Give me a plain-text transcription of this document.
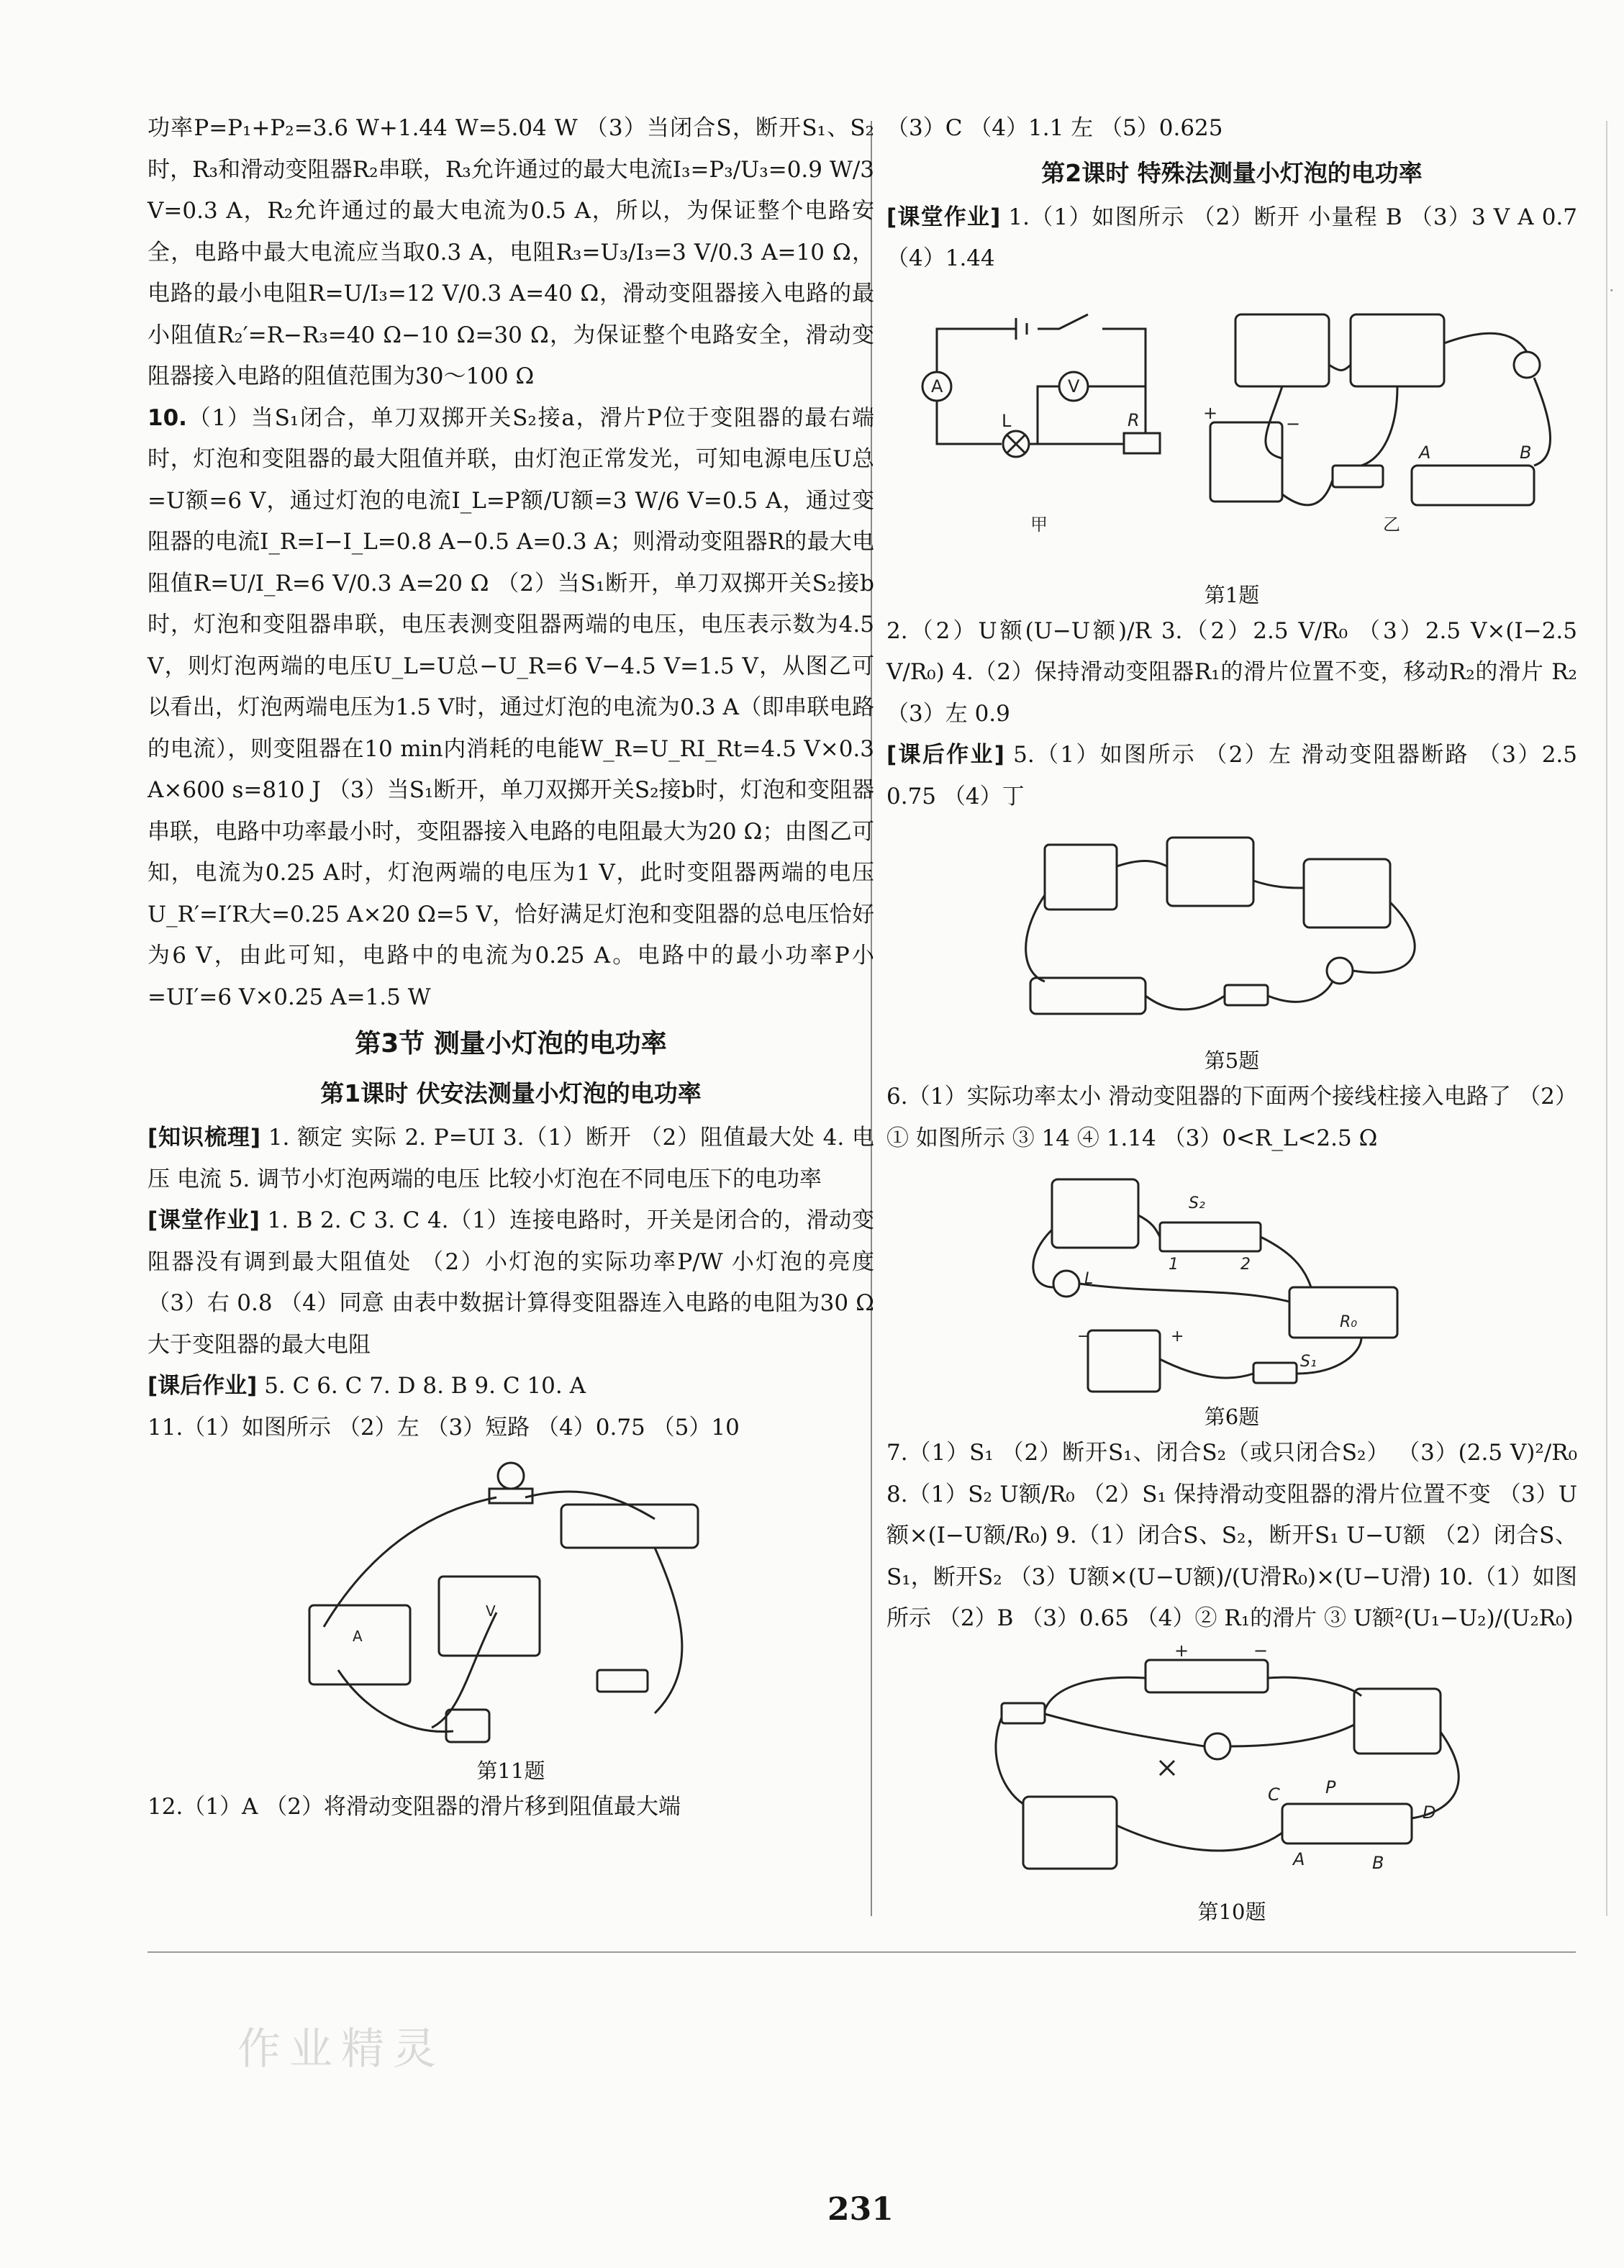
·

功率P=P₁+P₂=3.6 W+1.44 W=5.04 W （3）当闭合S，断开S₁、S₂时，R₃和滑动变阻器R₂串联，R₃允许通过的最大电流I₃=P₃/U₃=0.9 W/3 V=0.3 A，R₂允许通过的最大电流为0.5 A，所以，为保证整个电路安全，电路中最大电流应当取0.3 A，电阻R₃=U₃/I₃=3 V/0.3 A=10 Ω，电路的最小电阻R=U/I₃=12 V/0.3 A=40 Ω，滑动变阻器接入电路的最小阻值R₂′=R−R₃=40 Ω−10 Ω=30 Ω，为保证整个电路安全，滑动变阻器接入电路的阻值范围为30～100 Ω

10.（1）当S₁闭合，单刀双掷开关S₂接a，滑片P位于变阻器的最右端时，灯泡和变阻器的最大阻值并联，由灯泡正常发光，可知电源电压U总=U额=6 V，通过灯泡的电流I_L=P额/U额=3 W/6 V=0.5 A，通过变阻器的电流I_R=I−I_L=0.8 A−0.5 A=0.3 A；则滑动变阻器R的最大电阻值R=U/I_R=6 V/0.3 A=20 Ω （2）当S₁断开，单刀双掷开关S₂接b时，灯泡和变阻器串联，电压表测变阻器两端的电压，电压表示数为4.5 V，则灯泡两端的电压U_L=U总−U_R=6 V−4.5 V=1.5 V，从图乙可以看出，灯泡两端电压为1.5 V时，通过灯泡的电流为0.3 A（即串联电路的电流），则变阻器在10 min内消耗的电能W_R=U_RI_Rt=4.5 V×0.3 A×600 s=810 J （3）当S₁断开，单刀双掷开关S₂接b时，灯泡和变阻器串联，电路中功率最小时，变阻器接入电路的电阻最大为20 Ω；由图乙可知，电流为0.25 A时，灯泡两端的电压为1 V，此时变阻器两端的电压U_R′=I′R大=0.25 A×20 Ω=5 V，恰好满足灯泡和变阻器的总电压恰好为6 V，由此可知，电路中的电流为0.25 A。电路中的最小功率P小=UI′=6 V×0.25 A=1.5 W

第3节 测量小灯泡的电功率

第1课时 伏安法测量小灯泡的电功率

[知识梳理] 1. 额定 实际 2. P=UI 3.（1）断开 （2）阻值最大处 4. 电压 电流 5. 调节小灯泡两端的电压 比较小灯泡在不同电压下的电功率

[课堂作业] 1. B 2. C 3. C 4.（1）连接电路时，开关是闭合的，滑动变阻器没有调到最大阻值处 （2）小灯泡的实际功率P/W 小灯泡的亮度 （3）右 0.8 （4）同意 由表中数据计算得变阻器连入电路的电阻为30 Ω大于变阻器的最大电阻

[课后作业] 5. C 6. C 7. D 8. B 9. C 10. A

11.（1）如图所示 （2）左 （3）短路 （4）0.75 （5）10

A
V

第11题

12.（1）A （2）将滑动变阻器的滑片移到阻值最大端

（3）C （4）1.1 左 （5）0.625

第2课时 特殊法测量小灯泡的电功率

[课堂作业] 1.（1）如图所示 （2）断开 小量程 B （3）3 V A 0.7 （4）1.44

A	V
L	R
A	B
+
−
甲	乙

第1题

2.（2）U额(U−U额)/R 3.（2）2.5 V/R₀ （3）2.5 V×(I−2.5 V/R₀) 4.（2）保持滑动变阻器R₁的滑片位置不变，移动R₂的滑片 R₂ （3）左 0.9

[课后作业] 5.（1）如图所示 （2）左 滑动变阻器断路 （3）2.5 0.75 （4）丁

第5题

6.（1）实际功率太小 滑动变阻器的下面两个接线柱接入电路了 （2）① 如图所示 ③ 14 ④ 1.14 （3）0<R_L<2.5 Ω

S₂
1	2
L
R₀
S₁
+
−

第6题

7.（1）S₁ （2）断开S₁、闭合S₂（或只闭合S₂） （3）(2.5 V)²/R₀ 8.（1）S₂ U额/R₀ （2）S₁ 保持滑动变阻器的滑片位置不变 （3）U额×(I−U额/R₀) 9.（1）闭合S、S₂，断开S₁ U−U额 （2）闭合S、S₁，断开S₂ （3）U额×(U−U额)/(U滑R₀)×(U−U滑) 10.（1）如图所示 （2）B （3）0.65 （4）② R₁的滑片 ③ U额²(U₁−U₂)/(U₂R₀)

C	P
D
A	B
+	−

第10题

作业精灵
231
